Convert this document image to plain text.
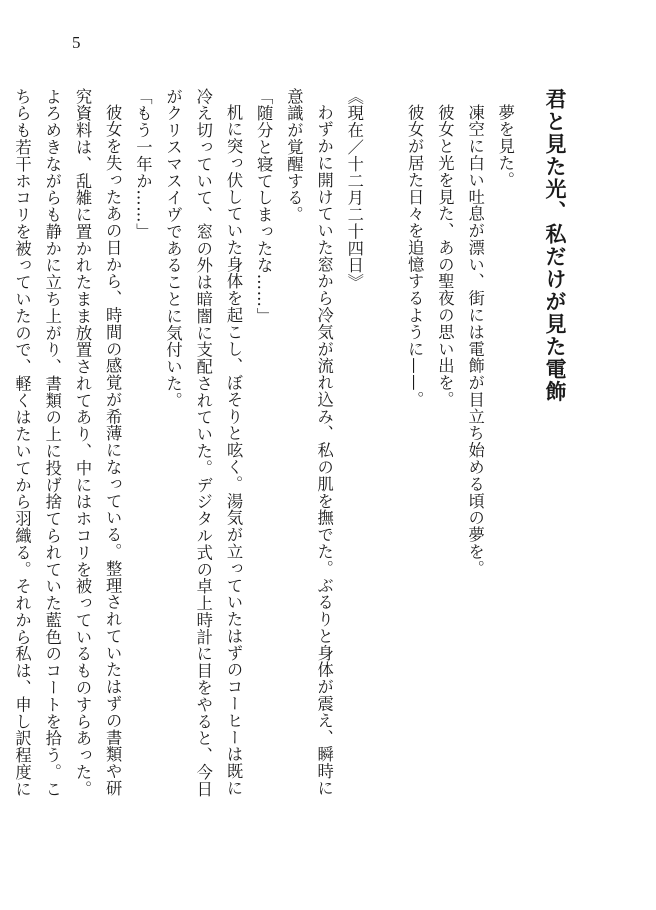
5
君と見た光、私だけが見た電飾
夢を見た。
凍空に白い吐息が漂い、街には電飾が目立ち始める頃の夢を。
彼女と光を見た、あの聖夜の思い出を。
彼女が居た日々を追憶するように——。
《現在／十二月二十四日》
わずかに開けていた窓から冷気が流れ込み、私の肌を撫でた。ぶるりと身体が震え、瞬時に
意識が覚醒する。
「随分と寝てしまったな……」
机に突っ伏していた身体を起こし、ぼそりと呟く。湯気が立っていたはずのコーヒーは既に
冷え切っていて、窓の外は暗闇に支配されていた。デジタル式の卓上時計に目をやると、今日
がクリスマスイヴであることに気付いた。
「もう一年か……」
彼女を失ったあの日から、時間の感覚が希薄になっている。整理されていたはずの書類や研
究資料は、乱雑に置かれたまま放置されてあり、中にはホコリを被っているものすらあった。
よろめきながらも静かに立ち上がり、書類の上に投げ捨てられていた藍色のコートを拾う。こ
ちらも若干ホコリを被っていたので、軽くはたいてから羽織る。それから私は、申し訳程度に
